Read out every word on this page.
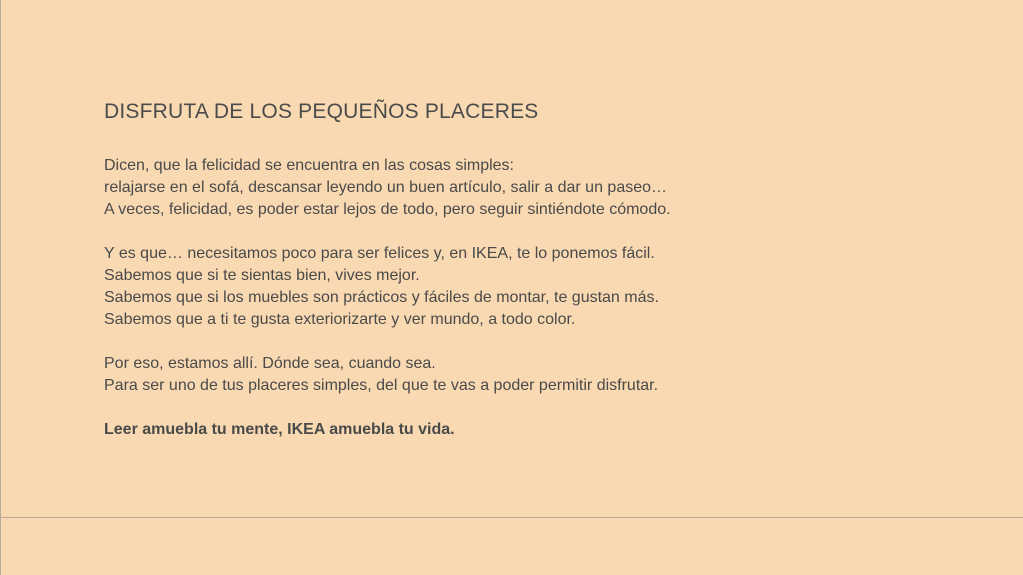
DISFRUTA DE LOS PEQUEÑOS PLACERES
Dicen, que la felicidad se encuentra en las cosas simples:
relajarse en el sofá, descansar leyendo un buen artículo, salir a dar un paseo…
A veces, felicidad, es poder estar lejos de todo, pero seguir sintiéndote cómodo.
Y es que… necesitamos poco para ser felices y, en IKEA, te lo ponemos fácil.
Sabemos que si te sientas bien, vives mejor.
Sabemos que si los muebles son prácticos y fáciles de montar, te gustan más.
Sabemos que a ti te gusta exteriorizarte y ver mundo, a todo color.
Por eso, estamos allí. Dónde sea, cuando sea.
Para ser uno de tus placeres simples, del que te vas a poder permitir disfrutar.
Leer amuebla tu mente, IKEA amuebla tu vida.
